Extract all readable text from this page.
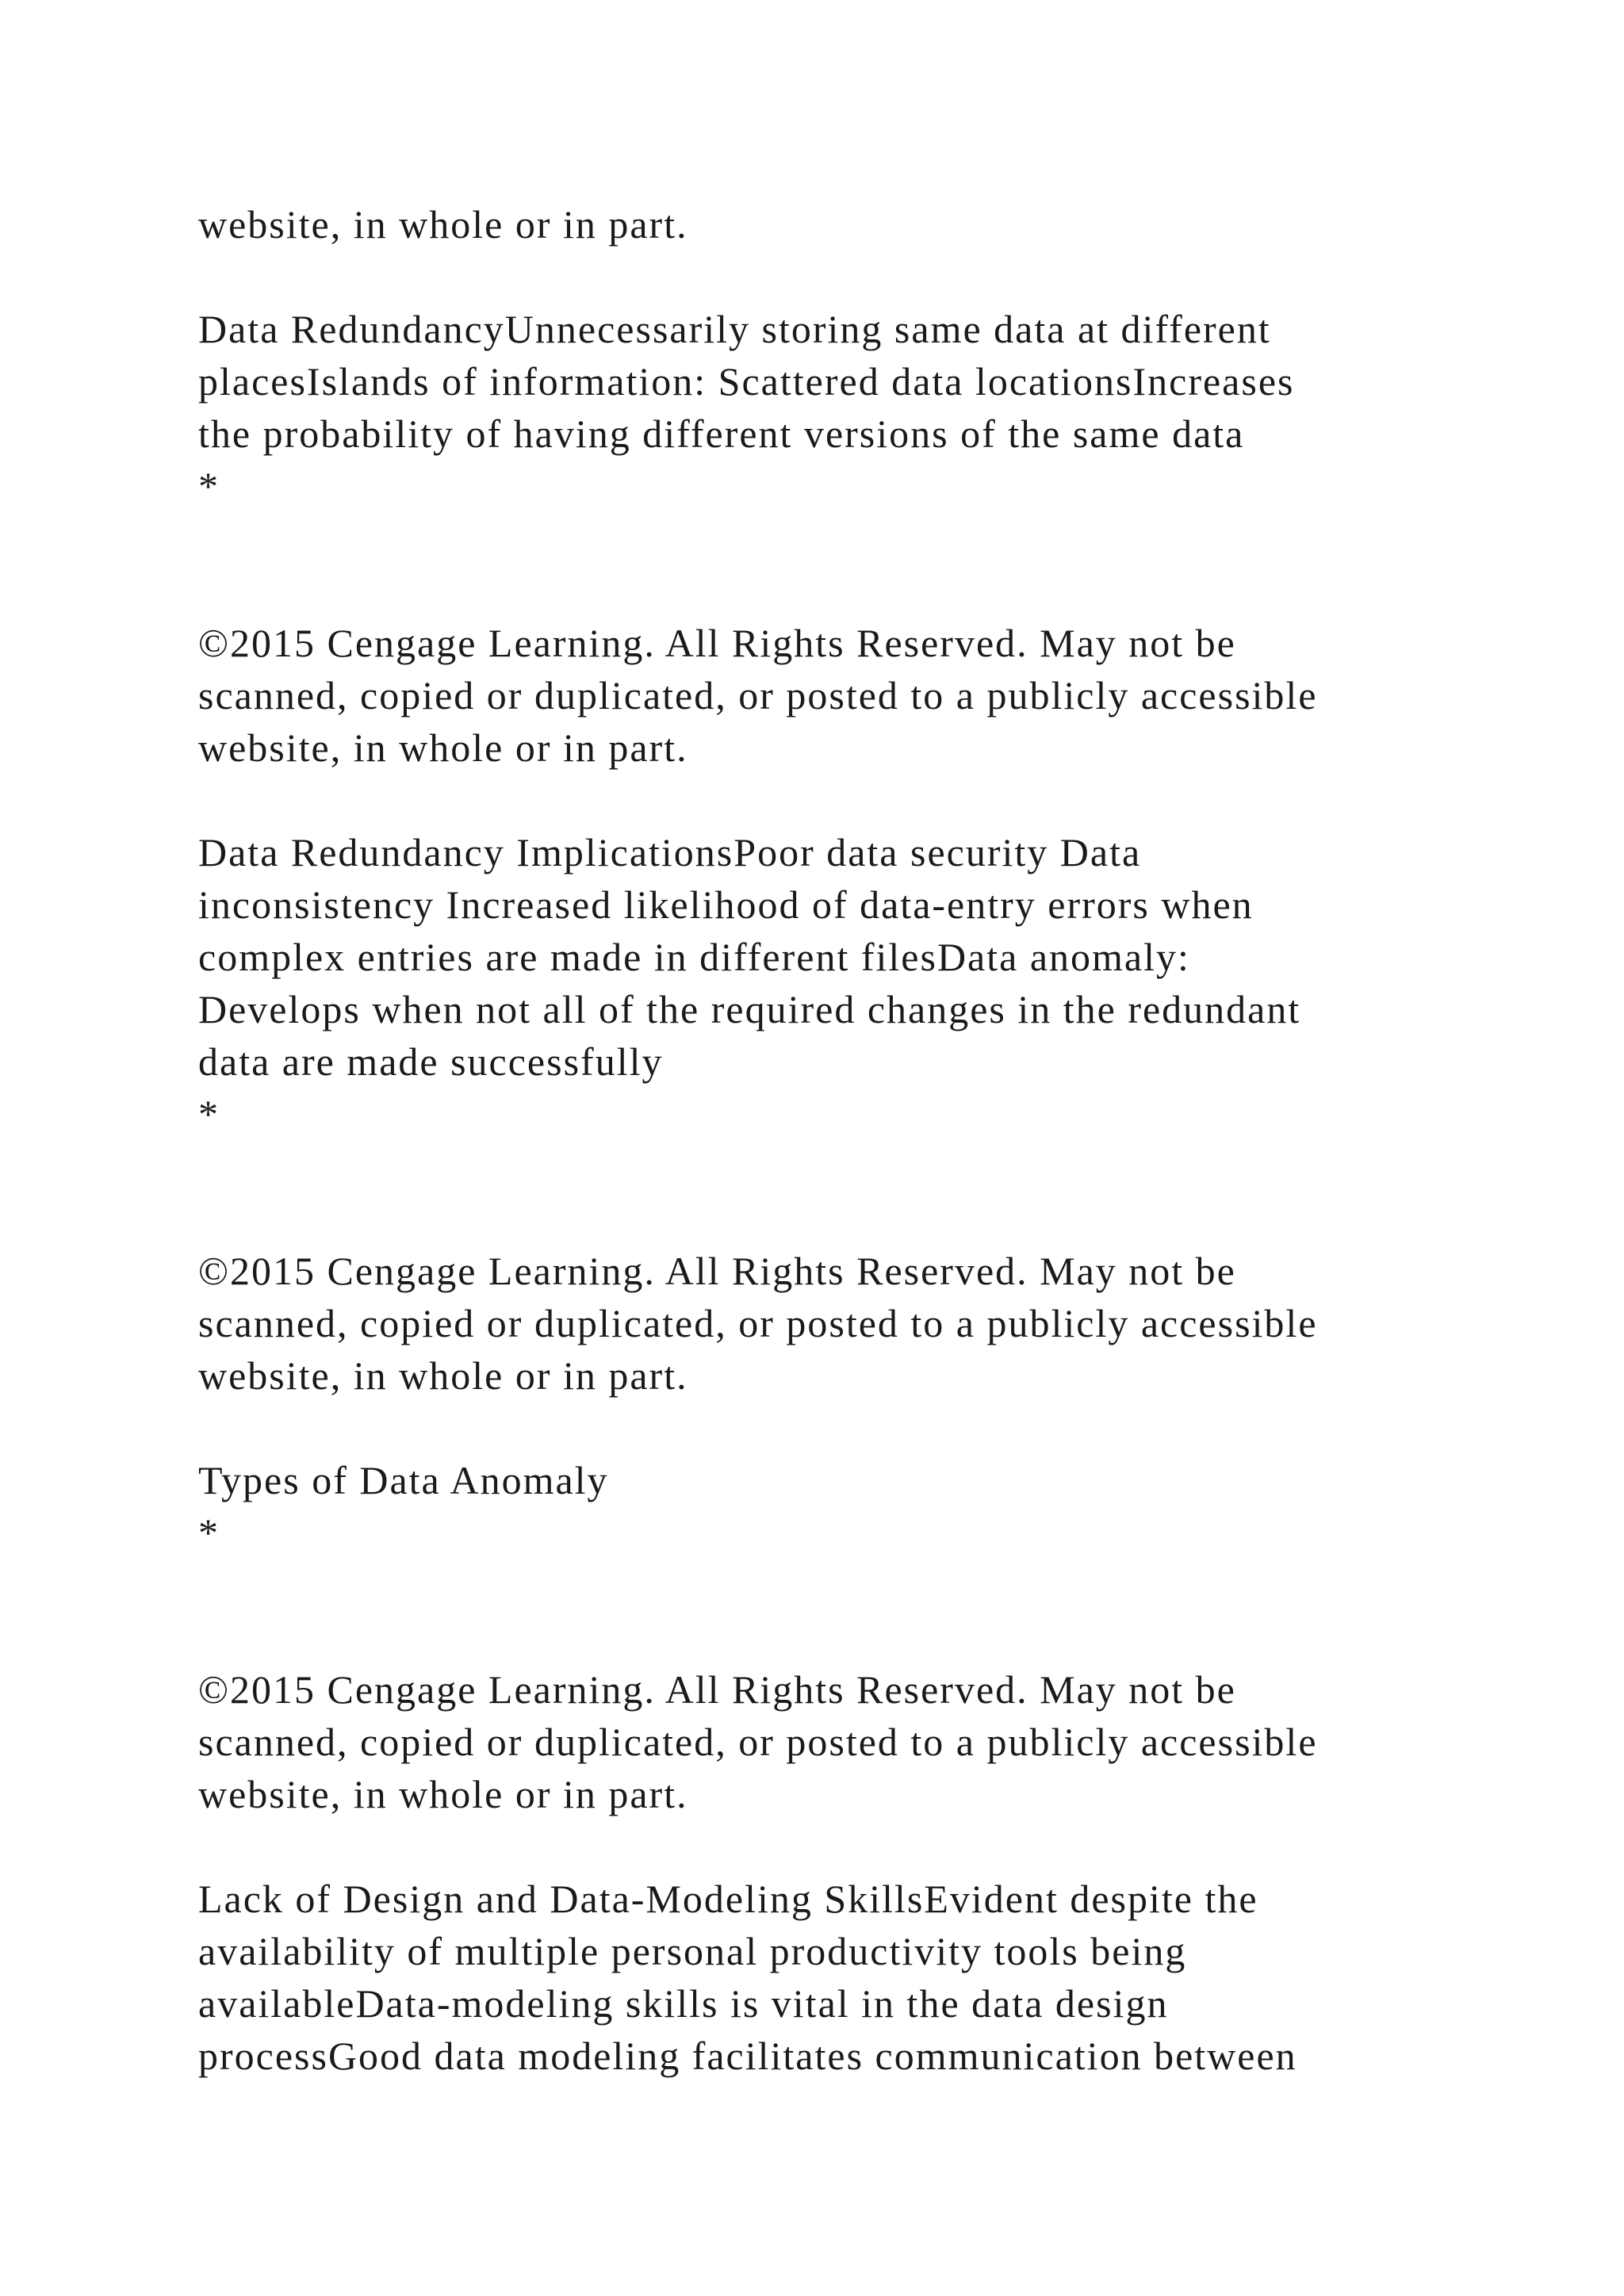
website, in whole or in part.
Data RedundancyUnnecessarily storing same data at different
placesIslands of information: Scattered data locationsIncreases
the probability of having different versions of the same data
*
©2015 Cengage Learning. All Rights Reserved. May not be
scanned, copied or duplicated, or posted to a publicly accessible
website, in whole or in part.
Data Redundancy ImplicationsPoor data security Data
inconsistency Increased likelihood of data-entry errors when
complex entries are made in different filesData anomaly:
Develops when not all of the required changes in the redundant
data are made successfully
*
©2015 Cengage Learning. All Rights Reserved. May not be
scanned, copied or duplicated, or posted to a publicly accessible
website, in whole or in part.
Types of Data Anomaly
*
©2015 Cengage Learning. All Rights Reserved. May not be
scanned, copied or duplicated, or posted to a publicly accessible
website, in whole or in part.
Lack of Design and Data-Modeling SkillsEvident despite the
availability of multiple personal productivity tools being
availableData-modeling skills is vital in the data design
processGood data modeling facilitates communication between
